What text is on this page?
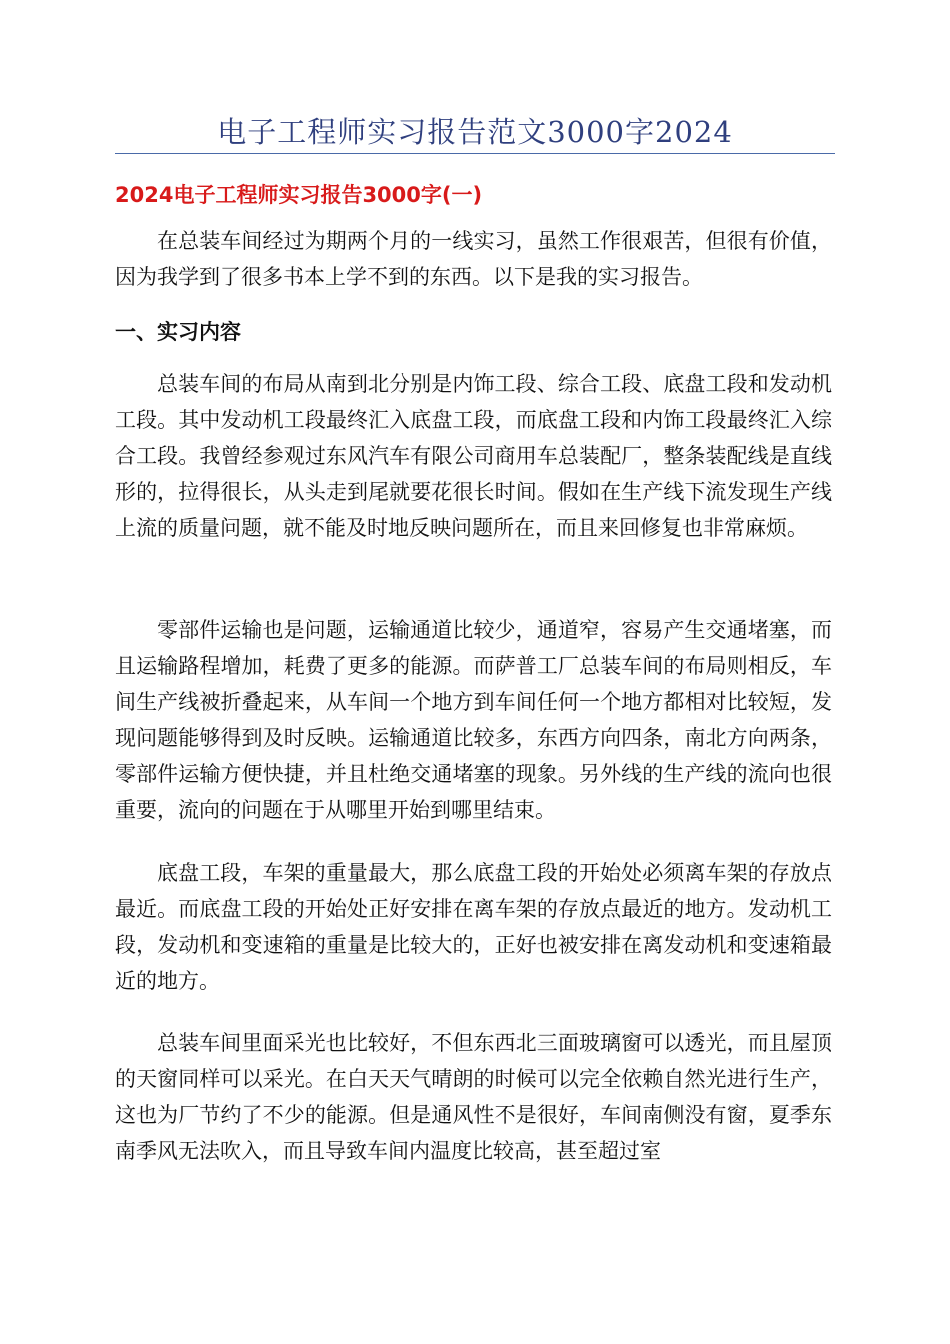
电子工程师实习报告范文3000字2024
2024电子工程师实习报告3000字(一)

在总装车间经过为期两个月的一线实习，虽然工作很艰苦，但很有价值，因为我学到了很多书本上学不到的东西。以下是我的实习报告。

一、实习内容

总装车间的布局从南到北分别是内饰工段、综合工段、底盘工段和发动机工段。其中发动机工段最终汇入底盘工段，而底盘工段和内饰工段最终汇入综合工段。我曾经参观过东风汽车有限公司商用车总装配厂，整条装配线是直线形的，拉得很长，从头走到尾就要花很长时间。假如在生产线下流发现生产线上流的质量问题，就不能及时地反映问题所在，而且来回修复也非常麻烦。

零部件运输也是问题，运输通道比较少，通道窄，容易产生交通堵塞，而且运输路程增加，耗费了更多的能源。而萨普工厂总装车间的布局则相反，车间生产线被折叠起来，从车间一个地方到车间任何一个地方都相对比较短，发现问题能够得到及时反映。运输通道比较多，东西方向四条，南北方向两条，零部件运输方便快捷，并且杜绝交通堵塞的现象。另外线的生产线的流向也很重要，流向的问题在于从哪里开始到哪里结束。

底盘工段，车架的重量最大，那么底盘工段的开始处必须离车架的存放点最近。而底盘工段的开始处正好安排在离车架的存放点最近的地方。发动机工段，发动机和变速箱的重量是比较大的，正好也被安排在离发动机和变速箱最近的地方。

总装车间里面采光也比较好，不但东西北三面玻璃窗可以透光，而且屋顶的天窗同样可以采光。在白天天气晴朗的时候可以完全依赖自然光进行生产，这也为厂节约了不少的能源。但是通风性不是很好，车间南侧没有窗，夏季东南季风无法吹入，而且导致车间内温度比较高，甚至超过室
